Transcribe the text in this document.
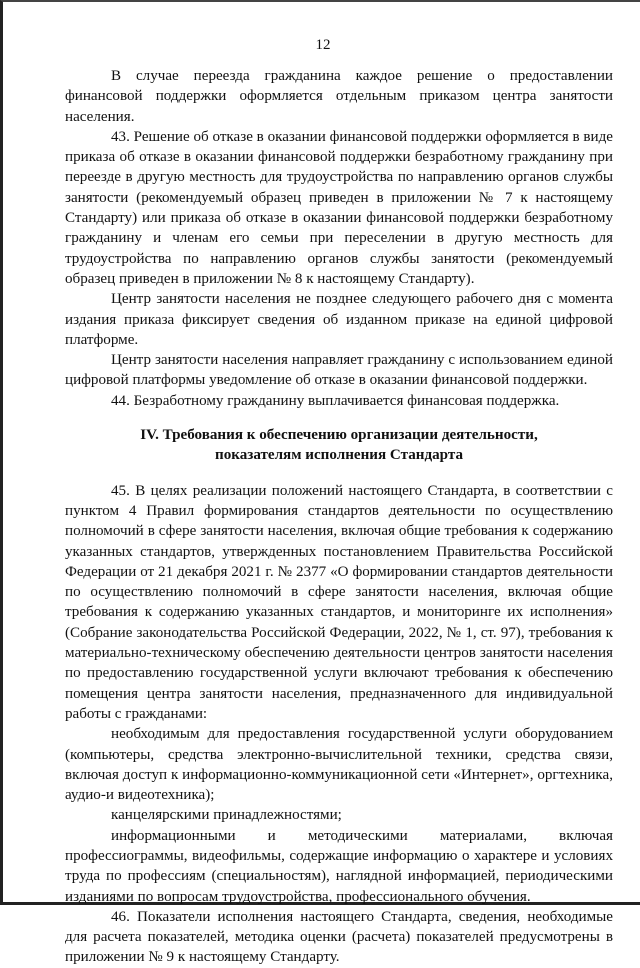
12

В случае переезда гражданина каждое решение о предоставлении финансовой поддержки оформляется отдельным приказом центра занятости населения.

43. Решение об отказе в оказании финансовой поддержки оформляется в виде приказа об отказе в оказании финансовой поддержки безработному гражданину при переезде в другую местность для трудоустройства по направлению органов службы занятости (рекомендуемый образец приведен в приложении № 7 к настоящему Стандарту) или приказа об отказе в оказании финансовой поддержки безработному гражданину и членам его семьи при переселении в другую местность для трудоустройства по направлению органов службы занятости (рекомендуемый образец приведен в приложении № 8 к настоящему Стандарту).

Центр занятости населения не позднее следующего рабочего дня с момента издания приказа фиксирует сведения об изданном приказе на единой цифровой платформе.

Центр занятости населения направляет гражданину с использованием единой цифровой платформы уведомление об отказе в оказании финансовой поддержки.

44. Безработному гражданину выплачивается финансовая поддержка.

IV. Требования к обеспечению организации деятельности,
показателям исполнения Стандарта

45. В целях реализации положений настоящего Стандарта, в соответствии с пунктом 4 Правил формирования стандартов деятельности по осуществлению полномочий в сфере занятости населения, включая общие требования к содержанию указанных стандартов, утвержденных постановлением Правительства Российской Федерации от 21 декабря 2021 г. № 2377 «О формировании стандартов деятельности по осуществлению полномочий в сфере занятости населения, включая общие требования к содержанию указанных стандартов, и мониторинге их исполнения» (Собрание законодательства Российской Федерации, 2022, № 1, ст. 97), требования к материально-техническому обеспечению деятельности центров занятости населения по предоставлению государственной услуги включают требования к обеспечению помещения центра занятости населения, предназначенного для индивидуальной работы с гражданами:

необходимым для предоставления государственной услуги оборудованием (компьютеры, средства электронно-вычислительной техники, средства связи, включая доступ к информационно-коммуникационной сети «Интернет», оргтехника, аудио-и видеотехника);

канцелярскими принадлежностями;

информационными и методическими материалами, включая профессиограммы, видеофильмы, содержащие информацию о характере и условиях труда по профессиям (специальностям), наглядной информацией, периодическими изданиями по вопросам трудоустройства, профессионального обучения.

46. Показатели исполнения настоящего Стандарта, сведения, необходимые для расчета показателей, методика оценки (расчета) показателей предусмотрены в приложении № 9 к настоящему Стандарту.
